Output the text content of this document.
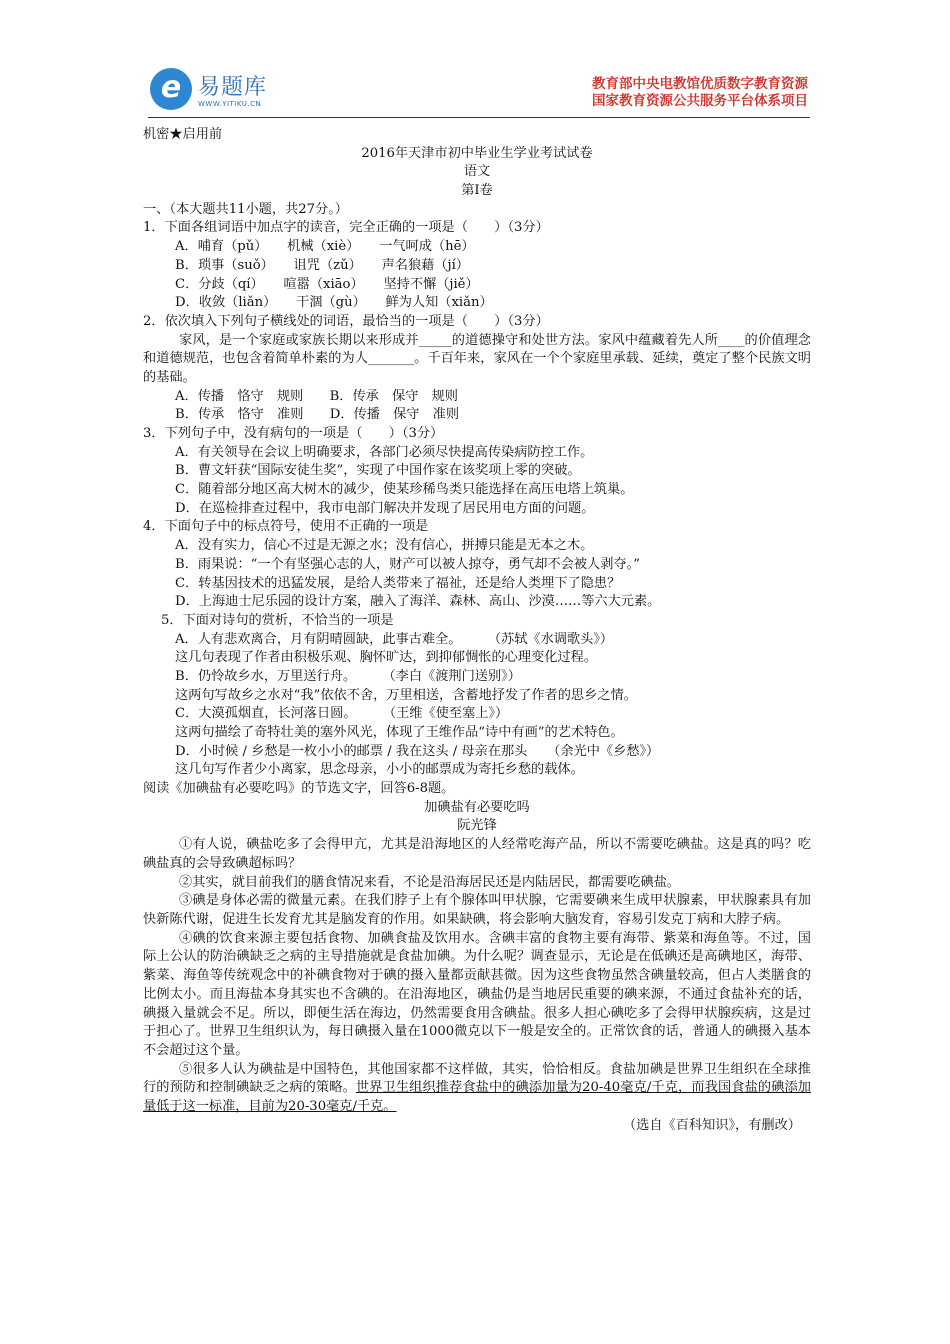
e 易题库
WWW.YITIKU.CN
教育部中央电教馆优质数字教育资源
国家教育资源公共服务平台体系项目
机密★启用前
2016年天津市初中毕业生学业考试试卷
语文
第Ⅰ卷
一、（本大题共11小题，共27分。）
1．下面各组词语中加点字的读音，完全正确的一项是（　　）（3分）
A．哺育（pǔ）　　机械（xiè）　　一气呵成（hē）
B．琐事（suǒ）　　诅咒（zǔ）　　声名狼藉（jí）
C．分歧（qí）　　喧嚣（xiāo）　　坚持不懈（jiě）
D．收敛（liǎn）　　干涸（gù）　　鲜为人知（xiǎn）
2．依次填入下列句子横线处的词语，最恰当的一项是（　　）（3分）
家风，是一个家庭或家族长期以来形成并_____的道德操守和处世方法。家风中蕴藏着先人所____的价值理念和道德规范，也包含着简单朴素的为人_______。千百年来，家风在一个个家庭里承载、延续，奠定了整个民族文明的基础。
A．传播　恪守　规则　　B．传承　保守　规则
B．传承　恪守　准则　　D．传播　保守　准则
3．下列句子中，没有病句的一项是（　　）（3分）
A．有关领导在会议上明确要求，各部门必须尽快提高传染病防控工作。
B．曹文轩获“国际安徒生奖”，实现了中国作家在该奖项上零的突破。
C．随着部分地区高大树木的减少，使某珍稀鸟类只能选择在高压电塔上筑巢。
D．在巡检排查过程中，我市电部门解决并发现了居民用电方面的问题。
4．下面句子中的标点符号，使用不正确的一项是
A．没有实力，信心不过是无源之水；没有信心，拼搏只能是无本之木。
B．雨果说：“一个有坚强心志的人，财产可以被人掠夺，勇气却不会被人剥夺。”
C．转基因技术的迅猛发展，是给人类带来了福祉，还是给人类埋下了隐患？
D．上海迪士尼乐园的设计方案，融入了海洋、森林、高山、沙漠……等六大元素。
5．下面对诗句的赏析，不恰当的一项是
A．人有悲欢离合，月有阴晴圆缺，此事古难全。　　　（苏轼《水调歌头》）
这几句表现了作者由积极乐观、胸怀旷达，到抑郁惆怅的心理变化过程。
B．仍怜故乡水，万里送行舟。　　　（李白《渡荆门送别》）
这两句写故乡之水对“我”依依不舍，万里相送，含蓄地抒发了作者的思乡之情。
C．大漠孤烟直，长河落日圆。　　　（王维《使至塞上》）
这两句描绘了奇特壮美的塞外风光，体现了王维作品“诗中有画”的艺术特色。
D．小时候 / 乡愁是一枚小小的邮票 / 我在这头 / 母亲在那头　　（余光中《乡愁》）
这几句写作者少小离家，思念母亲，小小的邮票成为寄托乡愁的载体。
阅读《加碘盐有必要吃吗》的节选文字，回答6-8题。
加碘盐有必要吃吗
阮光锋
①有人说，碘盐吃多了会得甲亢，尤其是沿海地区的人经常吃海产品，所以不需要吃碘盐。这是真的吗？吃碘盐真的会导致碘超标吗？
②其实，就目前我们的膳食情况来看，不论是沿海居民还是内陆居民，都需要吃碘盐。
③碘是身体必需的微量元素。在我们脖子上有个腺体叫甲状腺，它需要碘来生成甲状腺素，甲状腺素具有加快新陈代谢，促进生长发育尤其是脑发育的作用。如果缺碘，将会影响大脑发育，容易引发克丁病和大脖子病。
④碘的饮食来源主要包括食物、加碘食盐及饮用水。含碘丰富的食物主要有海带、紫菜和海鱼等。不过，国际上公认的防治碘缺乏之病的主导措施就是食盐加碘。为什么呢？调查显示，无论是在低碘还是高碘地区，海带、紫菜、海鱼等传统观念中的补碘食物对于碘的摄入量都贡献甚微。因为这些食物虽然含碘量较高，但占人类膳食的比例太小。而且海盐本身其实也不含碘的。在沿海地区，碘盐仍是当地居民重要的碘来源，不通过食盐补充的话，碘摄入量就会不足。所以，即便生活在海边，仍然需要食用含碘盐。很多人担心碘吃多了会得甲状腺疾病，这是过于担心了。世界卫生组织认为，每日碘摄入量在1000微克以下一般是安全的。正常饮食的话，普通人的碘摄入基本不会超过这个量。
⑤很多人认为碘盐是中国特色，其他国家都不这样做，其实，恰恰相反。食盐加碘是世界卫生组织在全球推行的预防和控制碘缺乏之病的策略。世界卫生组织推荐食盐中的碘添加量为20-40毫克/千克，而我国食盐的碘添加量低于这一标准，目前为20-30毫克/千克。
（选自《百科知识》，有删改）
